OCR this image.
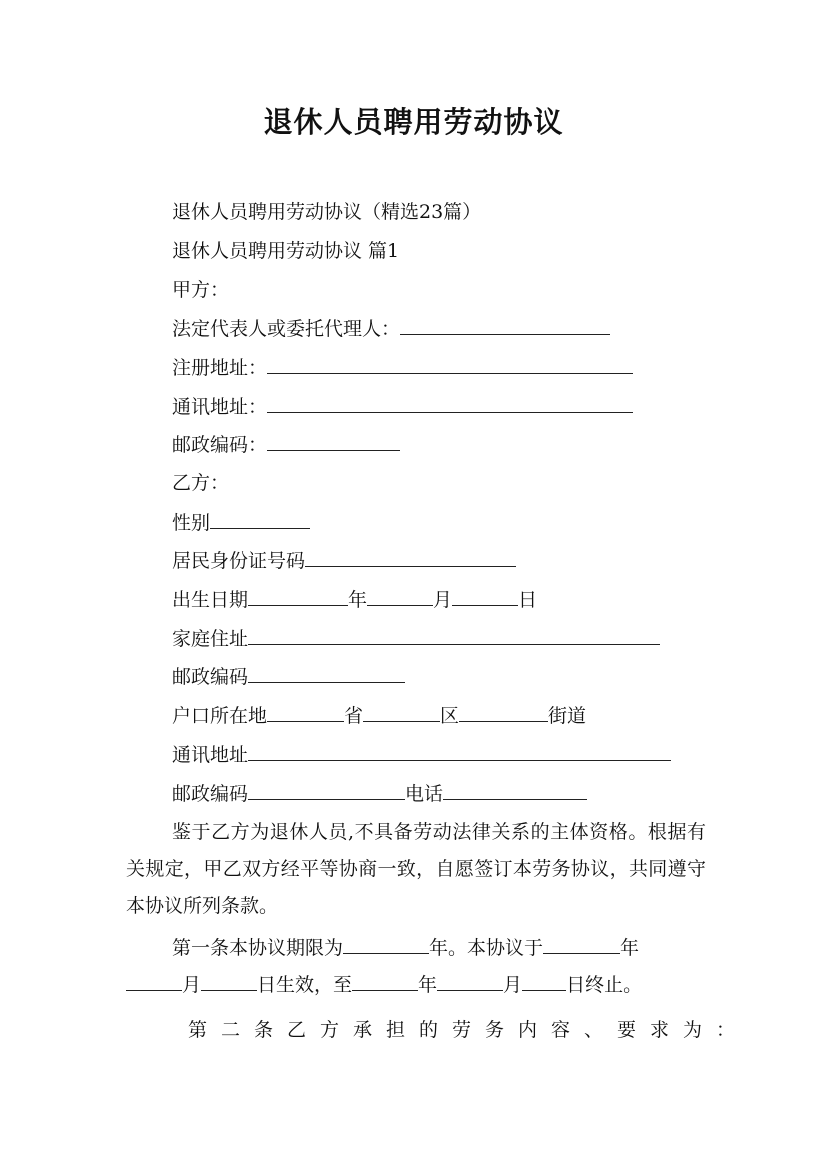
退休人员聘用劳动协议
退休人员聘用劳动协议（精选23篇）
退休人员聘用劳动协议 篇1
甲方：
法定代表人或委托代理人：
注册地址：
通讯地址：
邮政编码：
乙方：
性别
居民身份证号码
出生日期	年	月	日
家庭住址
邮政编码
户口所在地	省	区	街道
通讯地址
邮政编码	电话

鉴于乙方为退休人员,不具备劳动法律关系的主体资格。根据有关规定，甲乙双方经平等协商一致，自愿签订本劳务协议，共同遵守本协议所列条款。

第一条本协议期限为	年。本协议于	年
月	日生效，至	年	月 日终止。

第二条乙方承担的劳务内容、要求为：
